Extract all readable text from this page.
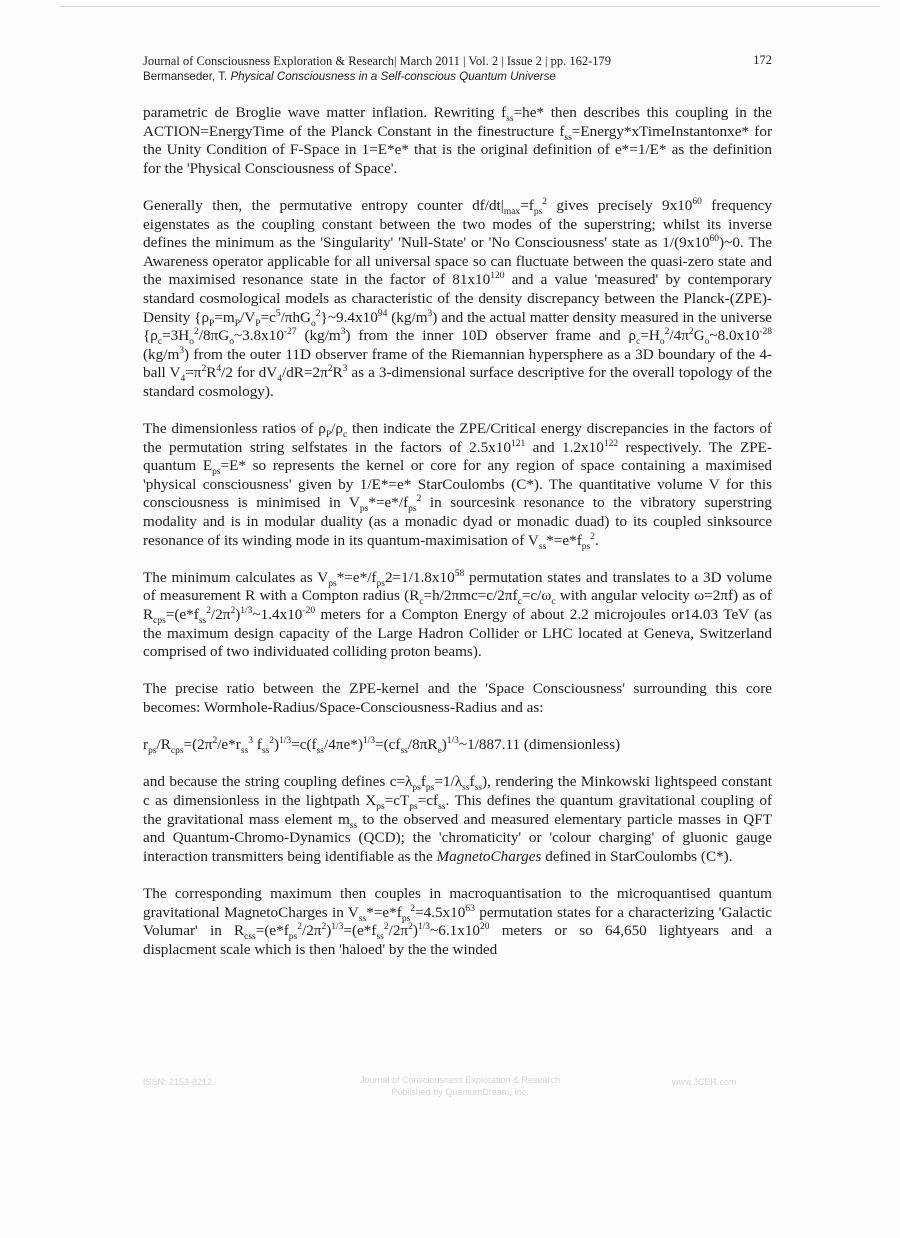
Journal of Consciousness Exploration & Research| March 2011 | Vol. 2 | Issue 2 | pp. 162-179
Bermanseder, T. Physical Consciousness in a Self-conscious Quantum Universe
172

parametric de Broglie wave matter inflation. Rewriting $f_{ss}=he*$ then describes this coupling in the ACTION=EnergyTime of the Planck Constant in the finestructure $f_{ss}=Energy*xTimeInstantonxe*$ for the Unity Condition of F-Space in 1=E*e* that is the original definition of e*=1/E* as the definition for the 'Physical Consciousness of Space'.

Generally then, the permutative entropy counter $df/dt|_{max}=f_{ps}^2$ gives precisely $9x10^{60}$ frequency eigenstates as the coupling constant between the two modes of the superstring; whilst its inverse defines the minimum as the 'Singularity' 'Null-State' or 'No Consciousness' state as $1/(9x10^{60})\sim 0$. The Awareness operator applicable for all universal space so can fluctuate between the quasi-zero state and the maximised resonance state in the factor of $81x10^{120}$ and a value 'measured' by contemporary standard cosmological models as characteristic of the density discrepancy between the Planck-(ZPE)-Density $\{\rho_P=m_P/V_P=c^5/\pi hG_o^2\}\sim 9.4x10^{94}$ $(kg/m^3)$ and the actual matter density measured in the universe {$\rho_c=3H_o^2/8\pi G_o\sim 3.8x10^{-27}$ $(kg/m^3)$ from the inner 10D observer frame and $\rho_c=H_o^2/4\pi^2G_o\sim 8.0x10^{-28}$ $(kg/m^3)$ from the outer 11D observer frame of the Riemannian hypersphere as a 3D boundary of the 4-ball $V_4=\pi^2R^4/2$ for $dV_4/dR=2\pi^2R^3$ as a 3-dimensional surface descriptive for the overall topology of the standard cosmology).

The dimensionless ratios of $\rho_P/\rho_c$ then indicate the ZPE/Critical energy discrepancies in the factors of the permutation string selfstates in the factors of $2.5x10^{121}$ and $1.2x10^{122}$ respectively. The ZPE-quantum $E_{ps}=E*$ so represents the kernel or core for any region of space containing a maximised 'physical consciousness' given by 1/E*=e* StarCoulombs (C*). The quantitative volume V for this consciousness is minimised in $V_{ps}*=e*/f_{ps}^2$ in sourcesink resonance to the vibratory superstring modality and is in modular duality (as a monadic dyad or monadic duad) to its coupled sinksource resonance of its winding mode in its quantum-maximisation of $V_{ss}*=e*f_{ps}^2$.

The minimum calculates as $V_{ps}*=e*/f_{ps}2=1/1.8x10^{58}$ permutation states and translates to a 3D volume of measurement R with a Compton radius ($R_c=h/2\pi mc=c/2\pi f_c=c/\omega_c$ with angular velocity ω=2πf) as of $R_{cps}=(e*f_{ss}^2/2\pi^2)^{1/3}\sim 1.4x10^{-20}$ meters for a Compton Energy of about 2.2 microjoules or14.03 TeV (as the maximum design capacity of the Large Hadron Collider or LHC located at Geneva, Switzerland comprised of two individuated colliding proton beams).

The precise ratio between the ZPE-kernel and the 'Space Consciousness' surrounding this core becomes: Wormhole-Radius/Space-Consciousness-Radius and as:

$r_{ps}/R_{cps}=(2\pi^2/e*r_{ss}^3$ $f_{ss}^2)^{1/3}=c(f_{ss}/4\pi e*)^{1/3}=(cf_{ss}/8\pi R_e)^{1/3}\sim 1/887.11$ (dimensionless)

and because the string coupling defines $c=\lambda_{ps}f_{ps}=1/\lambda_{ss}f_{ss}$), rendering the Minkowski lightspeed constant c as dimensionless in the lightpath $X_{ps}=cT_{ps}=cf_{ss}$. This defines the quantum gravitational coupling of the gravitational mass element $m_{ss}$ to the observed and measured elementary particle masses in QFT and Quantum-Chromo-Dynamics (QCD); the 'chromaticity' or 'colour charging' of gluonic gauge interaction transmitters being identifiable as the MagnetoCharges defined in StarCoulombs (C*).

The corresponding maximum then couples in macroquantisation to the microquantised quantum gravitational MagnetoCharges in $V_{ss}*=e*f_{ps}^2=4.5x10^{63}$ permutation states for a characterizing 'Galactic Volumar' in $R_{css}=(e*f_{ps}^2/2\pi^2)^{1/3}=(e*f_{ss}^2/2\pi^2)^{1/3}\sim 6.1x10^{20}$ meters or so 64,650 lightyears and a displacment scale which is then 'haloed' by the the winded

ISSN: 2153-8212	Journal of Consciousness Exploration & Research
Published by QuantumDream, Inc.
www.JCER.com
